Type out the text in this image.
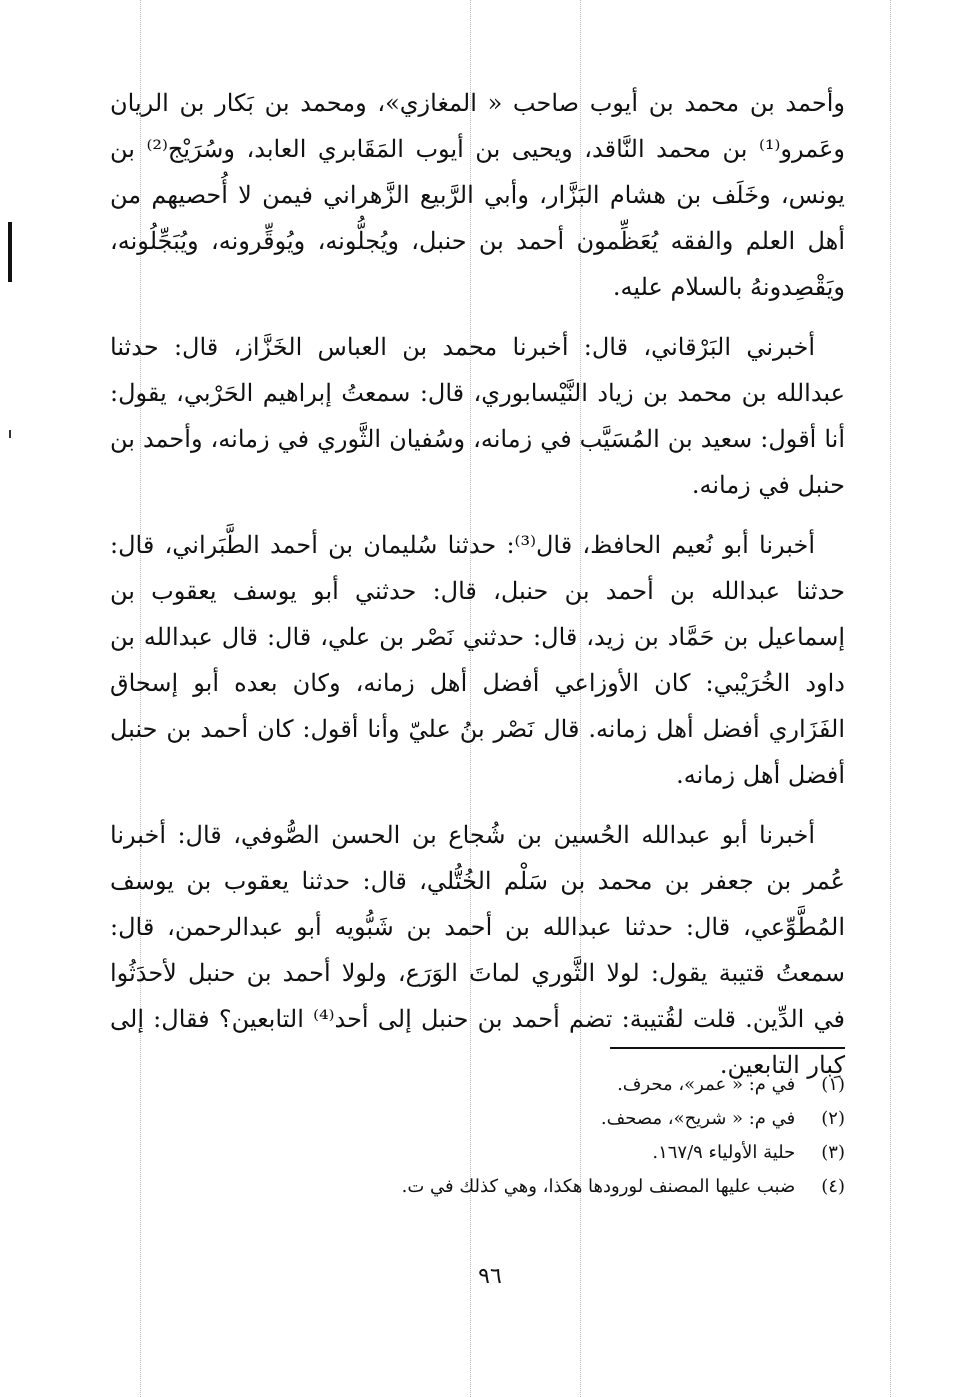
وأحمد بن محمد بن أيوب صاحب « المغازي»، ومحمد بن بَكار بن الريان وعَمرو⁽¹⁾ بن محمد النَّاقد، ويحيى بن أيوب المَقَابري العابد، وسُرَيْج⁽²⁾ بن يونس، وخَلَف بن هشام البَزَّار، وأبي الرَّبيع الزَّهراني فيمن لا أُحصيهم من أهل العلم والفقه يُعَظِّمون أحمد بن حنبل، ويُجلُّونه، ويُوقِّرونه، ويُبَجِّلُونه، ويَقْصِدونهُ بالسلام عليه.

أخبرني البَرْقاني، قال: أخبرنا محمد بن العباس الخَزَّاز، قال: حدثنا عبدالله بن محمد بن زياد النَّيْسابوري، قال: سمعتُ إبراهيم الحَرْبي، يقول: أنا أقول: سعيد بن المُسَيَّب في زمانه، وسُفيان الثَّوري في زمانه، وأحمد بن حنبل في زمانه.

أخبرنا أبو نُعيم الحافظ، قال⁽³⁾: حدثنا سُليمان بن أحمد الطَّبَراني، قال: حدثنا عبدالله بن أحمد بن حنبل، قال: حدثني أبو يوسف يعقوب بن إسماعيل بن حَمَّاد بن زيد، قال: حدثني نَصْر بن علي، قال: قال عبدالله بن داود الخُرَيْبي: كان الأوزاعي أفضل أهل زمانه، وكان بعده أبو إسحاق الفَزَاري أفضل أهل زمانه. قال نَصْر بنُ عليّ وأنا أقول: كان أحمد بن حنبل أفضل أهل زمانه.

أخبرنا أبو عبدالله الحُسين بن شُجاع بن الحسن الصُّوفي، قال: أخبرنا عُمر بن جعفر بن محمد بن سَلْم الخُتُّلي، قال: حدثنا يعقوب بن يوسف المُطَّوِّعي، قال: حدثنا عبدالله بن أحمد بن شَبُّويه أبو عبدالرحمن، قال: سمعتُ قتيبة يقول: لولا الثَّوري لماتَ الوَرَع، ولولا أحمد بن حنبل لأحدَثُوا في الدِّين. قلت لقُتيبة: تضم أحمد بن حنبل إلى أحد⁽⁴⁾ التابعين؟ فقال: إلى كِبار التابعين.

(١) في م: « عمر»، محرف.
(٢) في م: « شريح»، مصحف.
(٣) حلية الأولياء ١٦٧/٩.
(٤) ضبب عليها المصنف لورودها هكذا، وهي كذلك في ت.
٩٦
